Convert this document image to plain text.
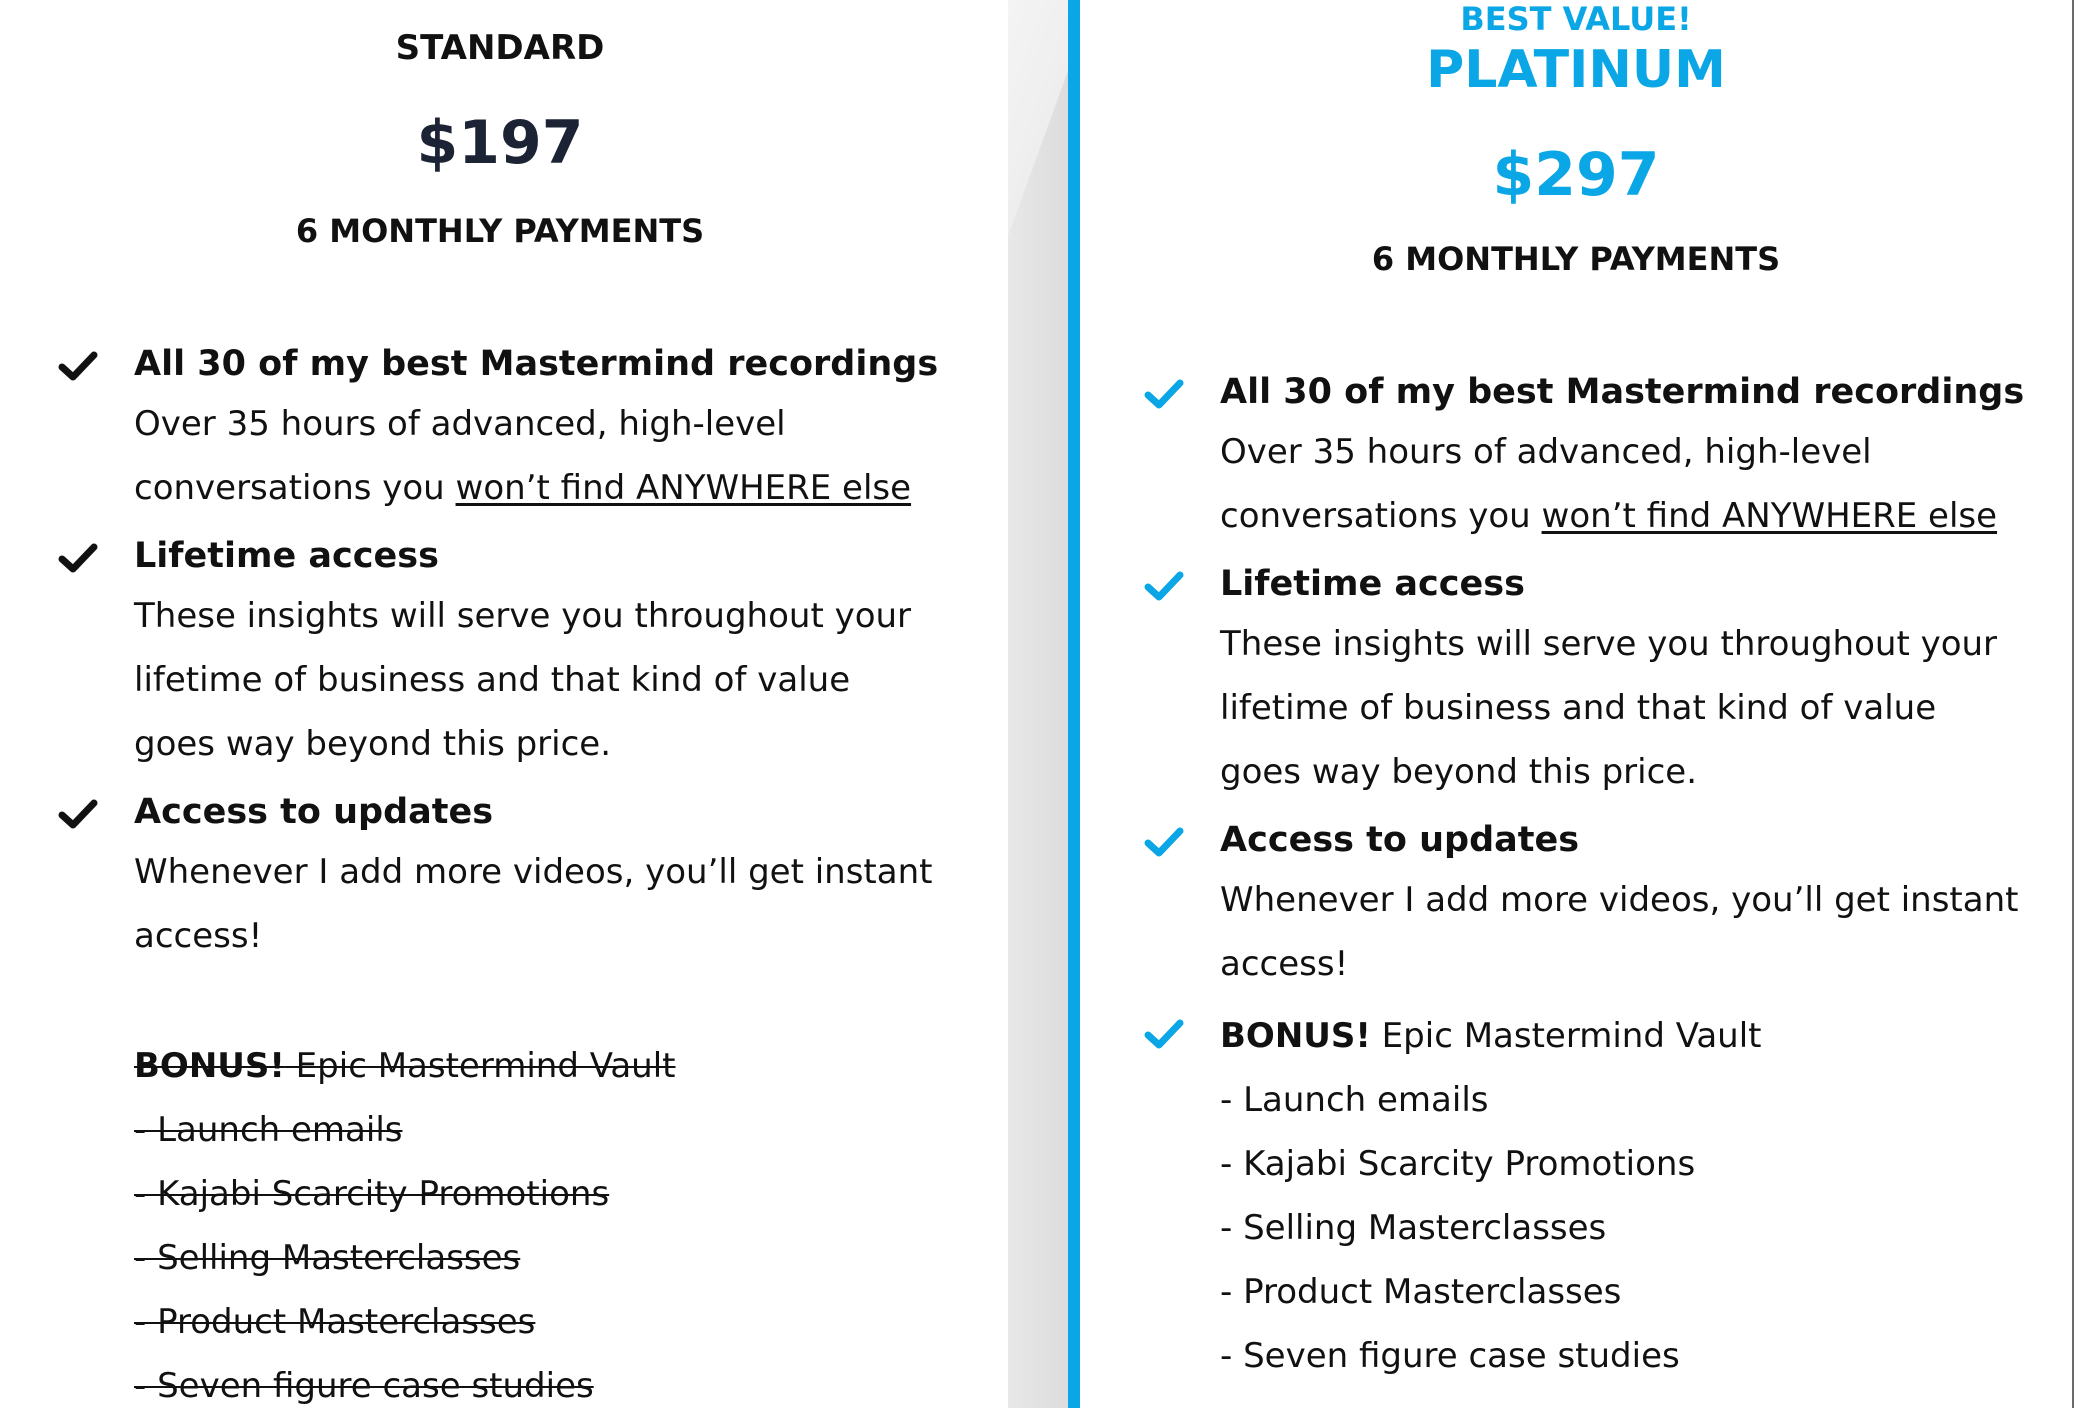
STANDARD
$197
6 MONTHLY PAYMENTS
All 30 of my best Mastermind recordings
Over 35 hours of advanced, high-level conversations you won’t find ANYWHERE else
Lifetime access
These insights will serve you throughout your lifetime of business and that kind of value goes way beyond this price.
Access to updates
Whenever I add more videos, you’ll get instant access!
BONUS! Epic Mastermind Vault
- Launch emails
- Kajabi Scarcity Promotions
- Selling Masterclasses
- Product Masterclasses
- Seven figure case studies
BEST VALUE!
PLATINUM
$297
6 MONTHLY PAYMENTS
All 30 of my best Mastermind recordings
Over 35 hours of advanced, high-level conversations you won’t find ANYWHERE else
Lifetime access
These insights will serve you throughout your lifetime of business and that kind of value goes way beyond this price.
Access to updates
Whenever I add more videos, you’ll get instant access!
BONUS! Epic Mastermind Vault
- Launch emails
- Kajabi Scarcity Promotions
- Selling Masterclasses
- Product Masterclasses
- Seven figure case studies
